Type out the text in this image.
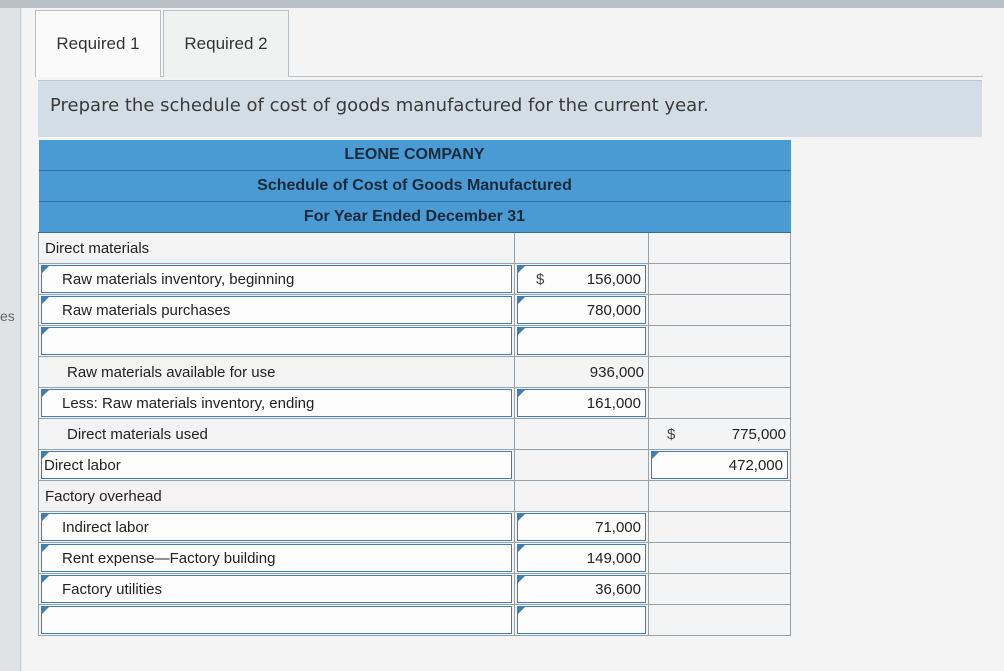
es
Required 1	Required 2
Prepare the schedule of cost of goods manufactured for the current year.
LEONE COMPANY		
Schedule of Cost of Goods Manufactured		
For Year Ended December 31		
Direct materials		

Raw materials inventory, beginning	$ 156,000	

Raw materials purchases	780,000	

Raw materials available for use	936,000	

Less: Raw materials inventory, ending	161,000	

Direct materials used		$ 775,000

Direct labor		472,000

Factory overhead		

Indirect labor	71,000	

Rent expense—Factory building	149,000	

Factory utilities	36,600	
